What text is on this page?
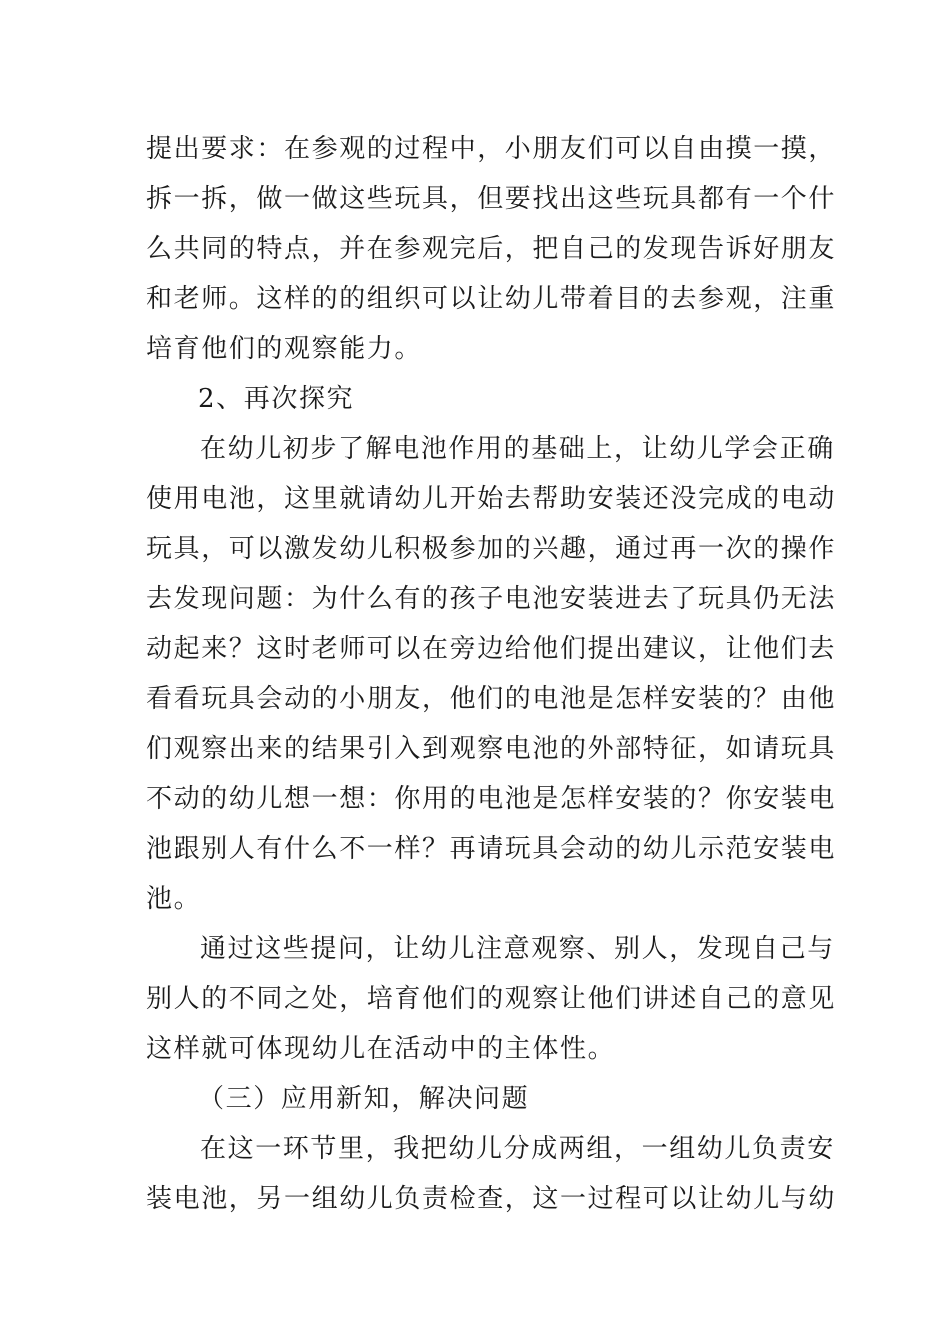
提出要求：在参观的过程中，小朋友们可以自由摸一摸，
拆一拆，做一做这些玩具，但要找出这些玩具都有一个什
么共同的特点，并在参观完后，把自己的发现告诉好朋友
和老师。这样的的组织可以让幼儿带着目的去参观，注重
培育他们的观察能力。
2、再次探究
在幼儿初步了解电池作用的基础上，让幼儿学会正确
使用电池，这里就请幼儿开始去帮助安装还没完成的电动
玩具，可以激发幼儿积极参加的兴趣，通过再一次的操作
去发现问题：为什么有的孩子电池安装进去了玩具仍无法
动起来？这时老师可以在旁边给他们提出建议，让他们去
看看玩具会动的小朋友，他们的电池是怎样安装的？由他
们观察出来的结果引入到观察电池的外部特征，如请玩具
不动的幼儿想一想：你用的电池是怎样安装的？你安装电
池跟别人有什么不一样？再请玩具会动的幼儿示范安装电
池。
通过这些提问，让幼儿注意观察、别人，发现自己与
别人的不同之处，培育他们的观察让他们讲述自己的意见
这样就可体现幼儿在活动中的主体性。
（三）应用新知，解决问题
在这一环节里，我把幼儿分成两组，一组幼儿负责安
装电池，另一组幼儿负责检查，这一过程可以让幼儿与幼
